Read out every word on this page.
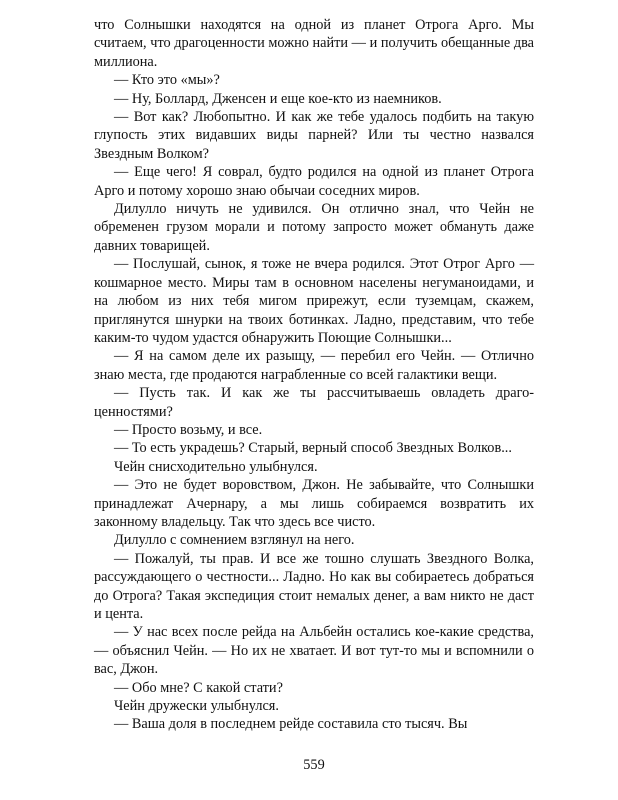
что Солнышки находятся на одной из планет Отрога Арго. Мы считаем, что драгоценности можно найти — и получить обещанные два миллиона.

— Кто это «мы»?

— Ну, Боллард, Дженсен и еще кое-кто из наемников.

— Вот как? Любопытно. И как же тебе удалось подбить на такую глупость этих видавших виды парней? Или ты честно назвался Звездным Волком?

— Еще чего! Я соврал, будто родился на одной из планет Отрога Арго и потому хорошо знаю обычаи соседних миров.

Дилулло ничуть не удивился. Он отлично знал, что Чейн не обременен грузом морали и потому запросто может обмануть даже давних товарищей.

— Послушай, сынок, я тоже не вчера родился. Этот Отрог Арго — кошмарное место. Миры там в основном населены негуманоидами, и на любом из них тебя мигом прирежут, если туземцам, скажем, приглянутся шнурки на твоих ботинках. Ладно, представим, что тебе каким-то чудом удастся обнаружить Поющие Солнышки...

— Я на самом деле их разыщу, — перебил его Чейн. — Отлично знаю места, где продаются награбленные со всей галактики вещи.

— Пусть так. И как же ты рассчитываешь овладеть драгоценностями?

— Просто возьму, и все.

— То есть украдешь? Старый, верный способ Звездных Волков...

Чейн снисходительно улыбнулся.

— Это не будет воровством, Джон. Не забывайте, что Солнышки принадлежат Ачернару, а мы лишь собираемся возвратить их законному владельцу. Так что здесь все чисто.

Дилулло с сомнением взглянул на него.

— Пожалуй, ты прав. И все же тошно слушать Звездного Волка, рассуждающего о честности... Ладно. Но как вы собираетесь добраться до Отрога? Такая экспедиция стоит немалых денег, а вам никто не даст и цента.

— У нас всех после рейда на Альбейн остались кое-какие средства, — объяснил Чейн. — Но их не хватает. И вот тут-то мы и вспомнили о вас, Джон.

— Обо мне? С какой стати?

Чейн дружески улыбнулся.

— Ваша доля в последнем рейде составила сто тысяч. Вы

559
